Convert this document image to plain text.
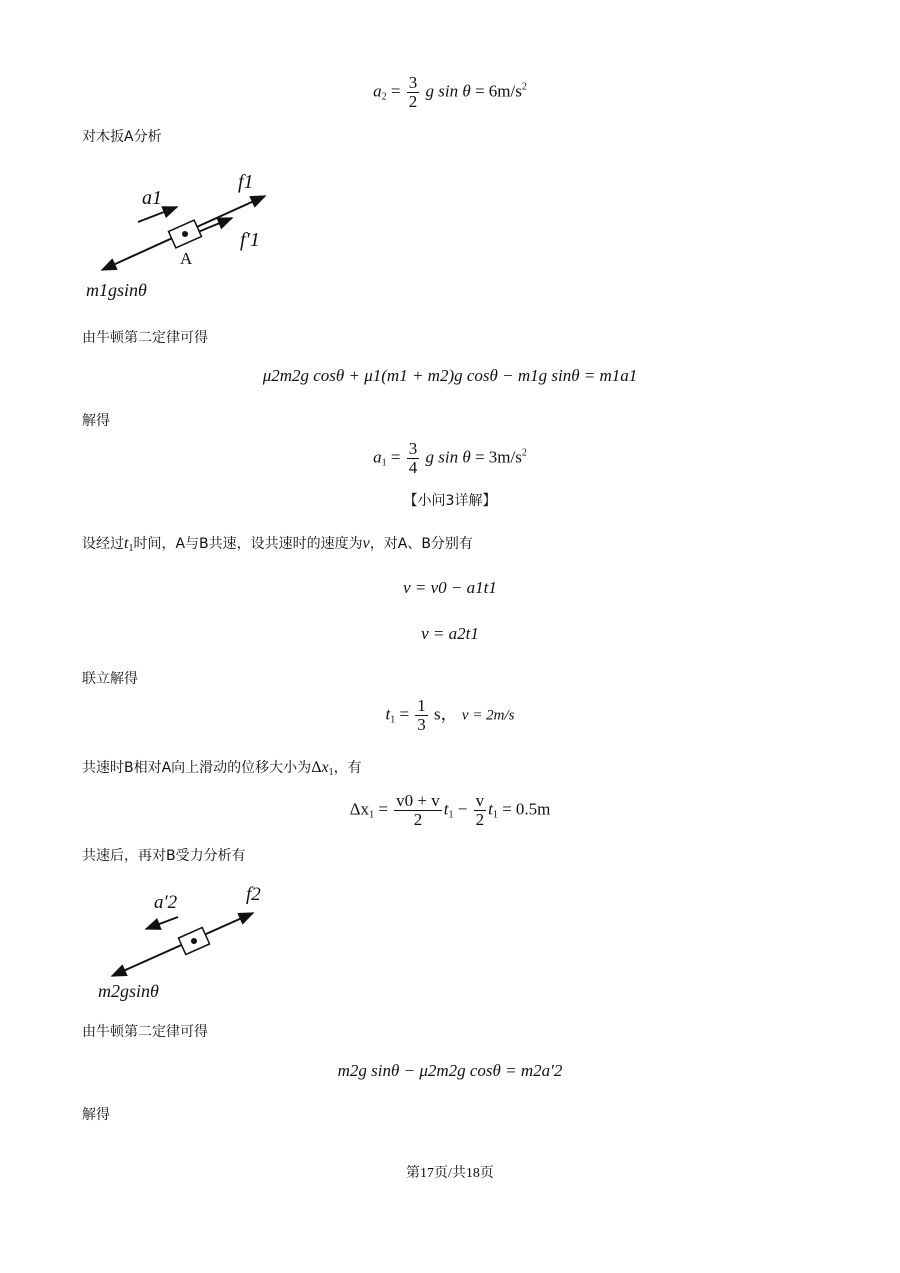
$a_2 = \frac{3}{2}$ g $\sin \theta = 6m/s^2$
对木扳A分析
a1
f1
f′1
A
m1gsinθ
由牛顿第二定律可得
μ2m2g cosθ + μ1(m1 + m2)g cosθ − m1g sinθ = m1a1
解得
$a_1 = \frac{3}{4}$ g $\sin \theta = 3m/s^2$
【小问3详解】
设经过$t_1$时间，A与B共速，设共速时的速度为v，对A、B分别有
v = v0 − a1t1
v = a2t1
联立解得
$t_1 = \frac{1}{3}$ s， v = 2m/s
共速时B相对A向上滑动的位移大小为$\Delta x_1$，有
$\Delta x_1 = \frac{v0 + v}{2} t_1 - \frac{v}{2} t_1 = 0.5m$
共速后，再对B受力分析有
a′2	f2
m2gsinθ
由牛顿第二定律可得
m2g sinθ − μ2m2g cosθ = m2a′2
解得
第17页/共18页
